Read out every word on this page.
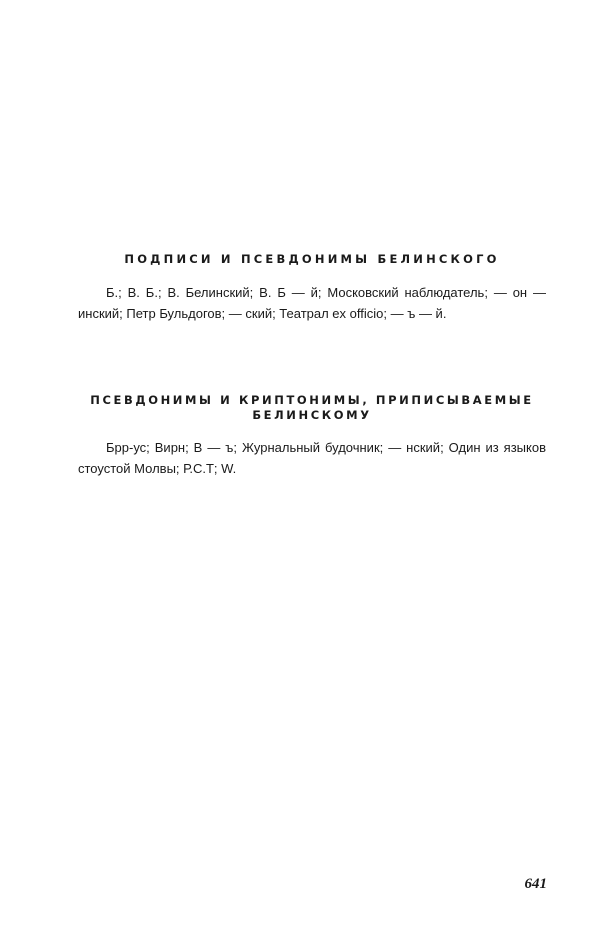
ПОДПИСИ И ПСЕВДОНИМЫ БЕЛИНСКОГО

Б.; В. Б.; В. Белинский; В. Б — й; Московский наблюдатель; — он — инский; Петр Бульдогов; — ский; Театрал ex officio; — ъ — й.

ПСЕВДОНИМЫ И КРИПТОНИМЫ, ПРИПИСЫВАЕМЫЕ
БЕЛИНСКОМУ

Брр-ус; Вирн; В — ъ; Журнальный будочник; — нский; Один из языков стоустой Молвы; Р.С.Т; W.

641
